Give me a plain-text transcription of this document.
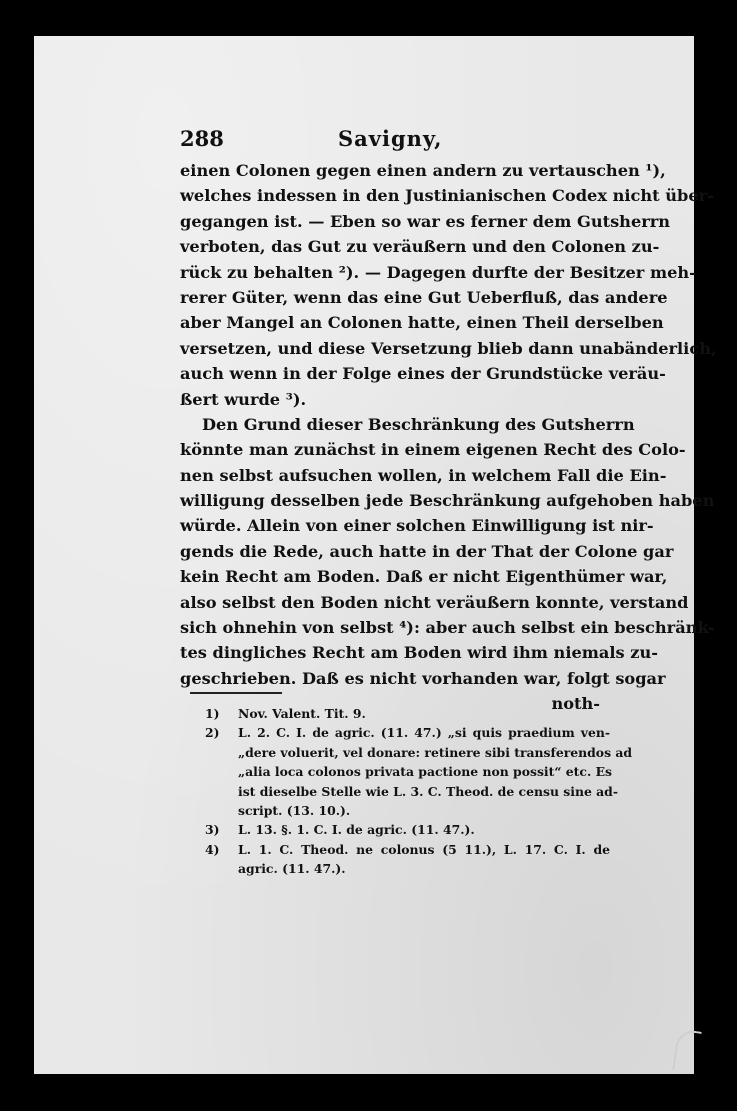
288	Savigny,
einen Colonen gegen einen andern zu vertauschen ¹),
welches indessen in den Justinianischen Codex nicht über-
gegangen ist. — Eben so war es ferner dem Gutsherrn
verboten, das Gut zu veräußern und den Colonen zu-
rück zu behalten ²). — Dagegen durfte der Besitzer meh-
rerer Güter, wenn das eine Gut Ueberfluß, das andere
aber Mangel an Colonen hatte, einen Theil derselben
versetzen, und diese Versetzung blieb dann unabänderlich,
auch wenn in der Folge eines der Grundstücke veräu-
ßert wurde ³).
Den Grund dieser Beschränkung des Gutsherrn
könnte man zunächst in einem eigenen Recht des Colo-
nen selbst aufsuchen wollen, in welchem Fall die Ein-
willigung desselben jede Beschränkung aufgehoben haben
würde. Allein von einer solchen Einwilligung ist nir-
gends die Rede, auch hatte in der That der Colone gar
kein Recht am Boden. Daß er nicht Eigenthümer war,
also selbst den Boden nicht veräußern konnte, verstand
sich ohnehin von selbst ⁴): aber auch selbst ein beschränk-
tes dingliches Recht am Boden wird ihm niemals zu-
geschrieben. Daß es nicht vorhanden war, folgt sogar
noth-
1) Nov. Valent. Tit. 9.
2) L. 2. C. I. de agric. (11. 47.) „si quis praedium ven-
„dere voluerit, vel donare: retinere sibi transferendos ad
„alia loca colonos privata pactione non possit“ etc. Es
ist dieselbe Stelle wie L. 3. C. Theod. de censu sine ad-
script. (13. 10.).
3) L. 13. §. 1. C. I. de agric. (11. 47.).
4) L. 1. C. Theod. ne colonus (5 11.), L. 17. C. I. de
agric. (11. 47.).
